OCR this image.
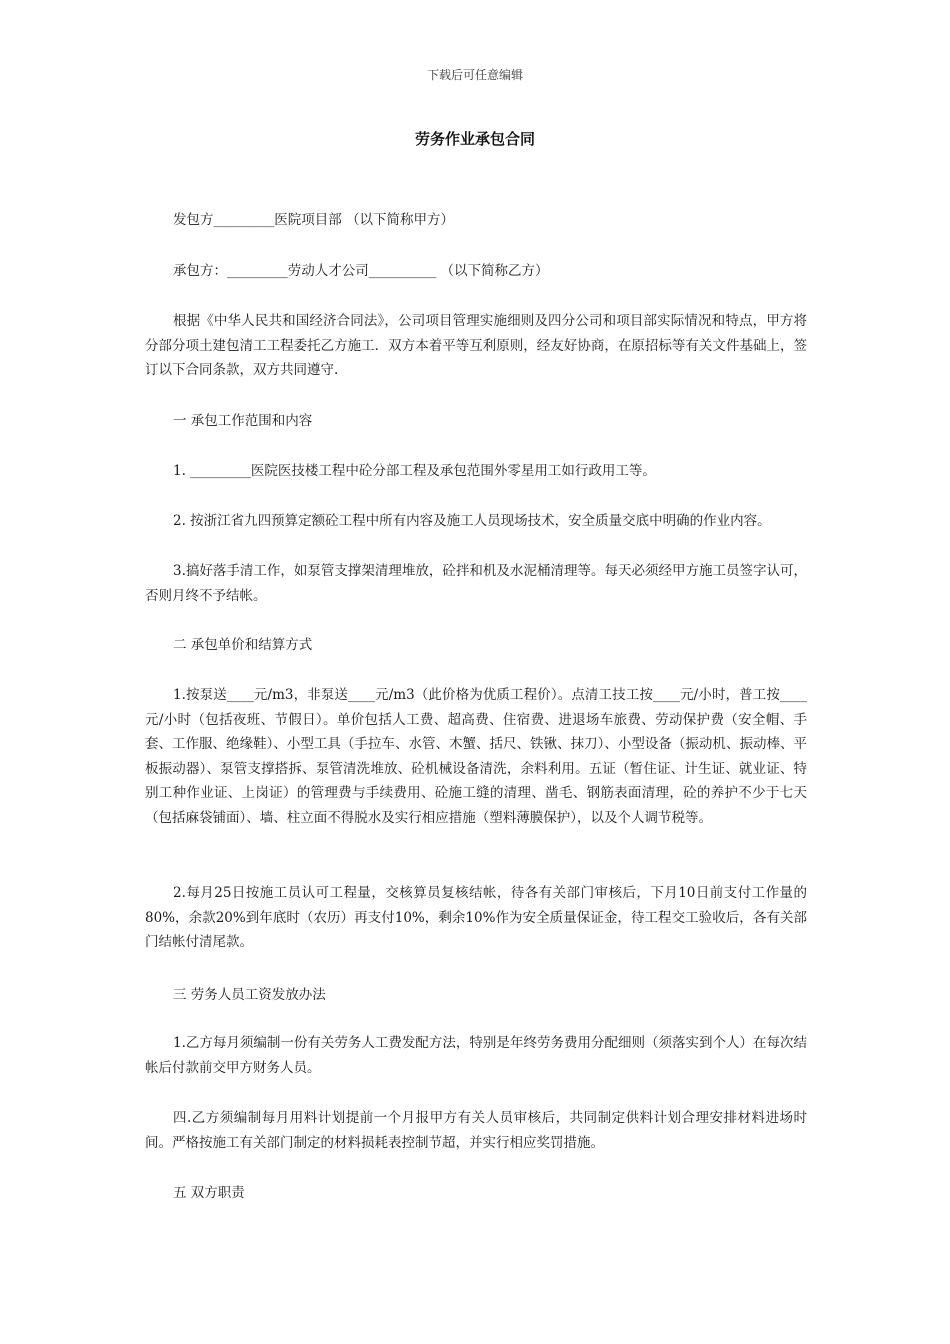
下载后可任意编辑
劳务作业承包合同

发包方_________医院项目部 （以下简称甲方）

承包方：_________劳动人才公司__________ （以下简称乙方）

根据《中华人民共和国经济合同法》，公司项目管理实施细则及四分公司和项目部实际情况和特点，甲方将分部分项土建包清工工程委托乙方施工．双方本着平等互利原则，经友好协商，在原招标等有关文件基础上，签订以下合同条款，双方共同遵守.

一 承包工作范围和内容

1. _________医院医技楼工程中砼分部工程及承包范围外零星用工如行政用工等。

2. 按浙江省九四预算定额砼工程中所有内容及施工人员现场技术，安全质量交底中明确的作业内容。

3.搞好落手清工作，如泵管支撑架清理堆放，砼拌和机及水泥桶清理等。每天必须经甲方施工员签字认可，否则月终不予结帐。

二 承包单价和结算方式

1.按泵送____元/m3，非泵送____元/m3（此价格为优质工程价）。点清工技工按____元/小时，普工按____元/小时（包括夜班、节假日）。单价包括人工费、超高费、住宿费、进退场车旅费、劳动保护费（安全帽、手套、工作服、绝缘鞋）、小型工具（手拉车、水管、木蟹、括尺、铁锹、抹刀）、小型设备（振动机、振动棒、平板振动器）、泵管支撑搭拆、泵管清洗堆放、砼机械设备清洗，余料利用。五证（暂住证、计生证、就业证、特别工种作业证、上岗证）的管理费与手续费用、砼施工缝的清理、凿毛、钢筋表面清理，砼的养护不少于七天（包括麻袋铺面）、墙、柱立面不得脱水及实行相应措施（塑料薄膜保护），以及个人调节税等。

2.每月25日按施工员认可工程量，交核算员复核结帐，待各有关部门审核后，下月10日前支付工作量的80%，余款20%到年底时（农历）再支付10%，剩余10%作为安全质量保证金，待工程交工验收后，各有关部门结帐付清尾款。

三 劳务人员工资发放办法

1.乙方每月须编制一份有关劳务人工费发配方法，特别是年终劳务费用分配细则（须落实到个人）在每次结帐后付款前交甲方财务人员。

四.乙方须编制每月用料计划提前一个月报甲方有关人员审核后，共同制定供料计划合理安排材料进场时间。严格按施工有关部门制定的材料损耗表控制节超，并实行相应奖罚措施。

五 双方职责
